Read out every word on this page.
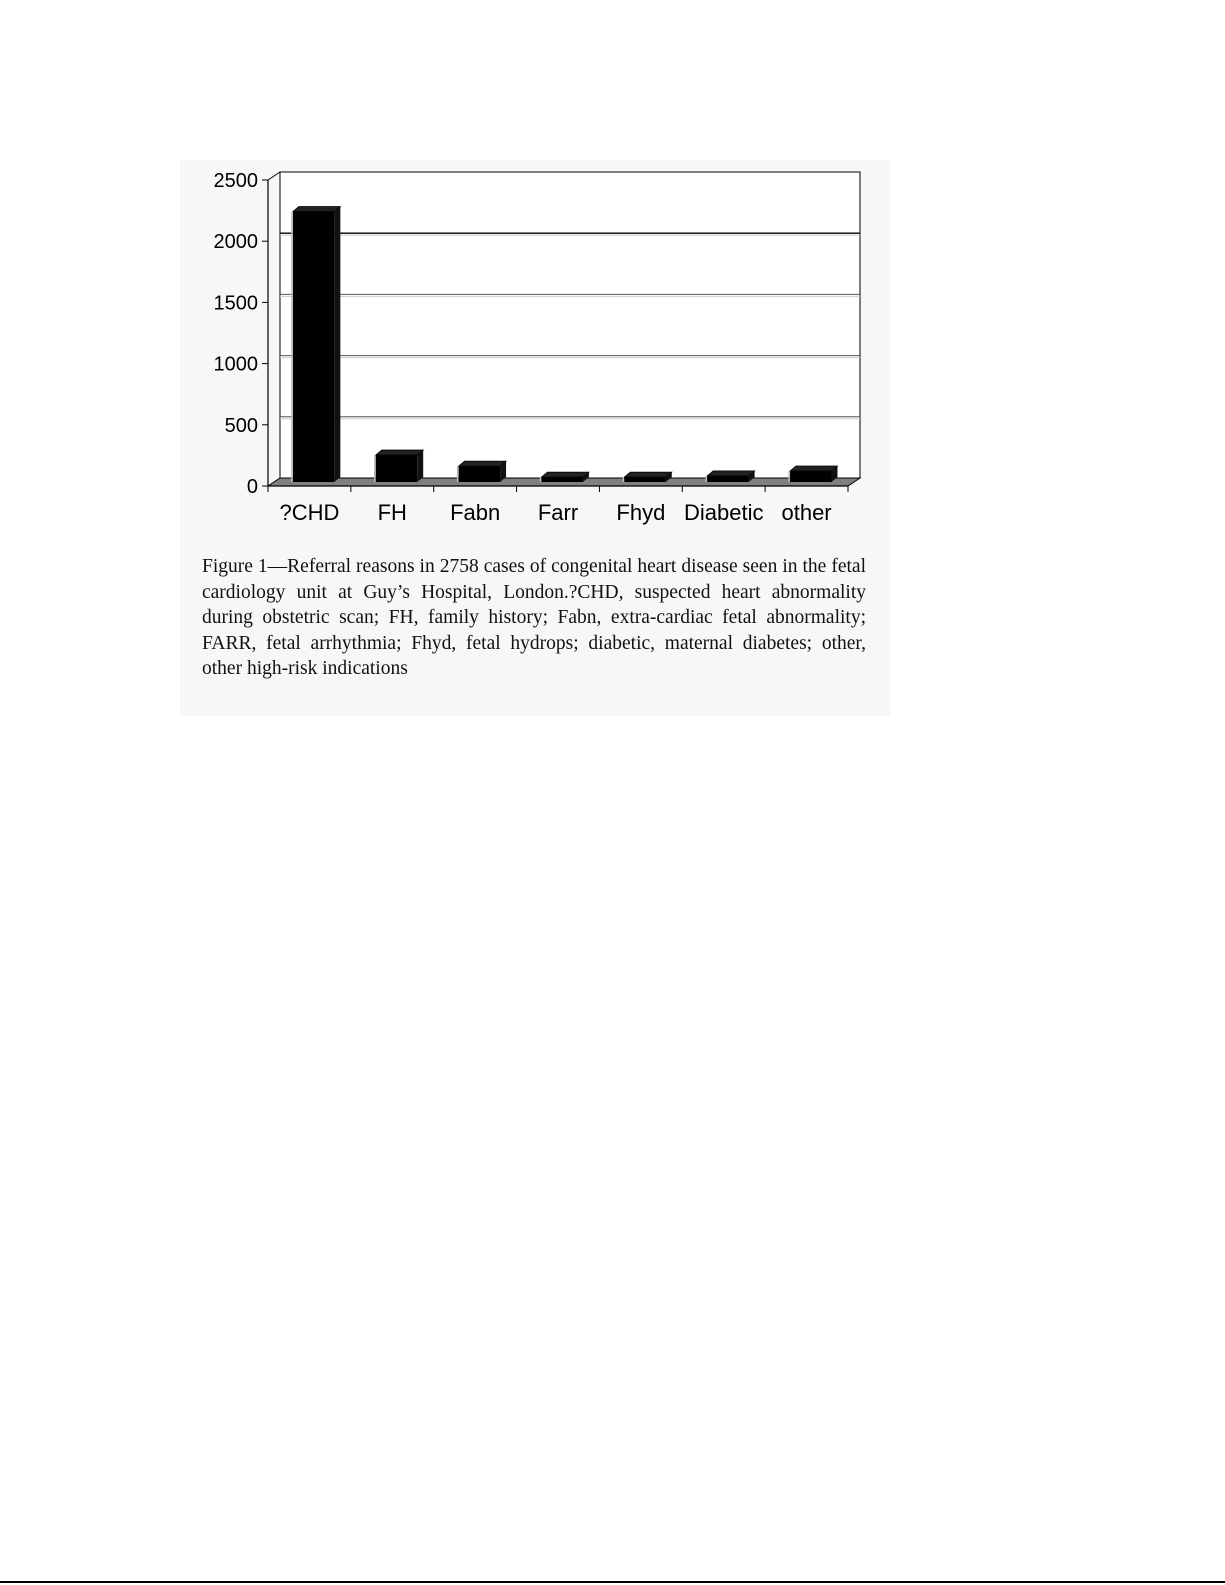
0
500
1000
1500
2000
2500
?CHD FH Fabn Farr Fhyd Diabetic other

Figure 1—Referral reasons in 2758 cases of congenital heart disease seen in the fetal cardiology unit at Guy’s Hospital, London.?CHD, suspected heart abnormality during obstetric scan; FH, family history; Fabn, extra-cardiac fetal abnormality; FARR, fetal arrhythmia; Fhyd, fetal hydrops; diabetic, maternal diabetes; other, other high-risk indications
